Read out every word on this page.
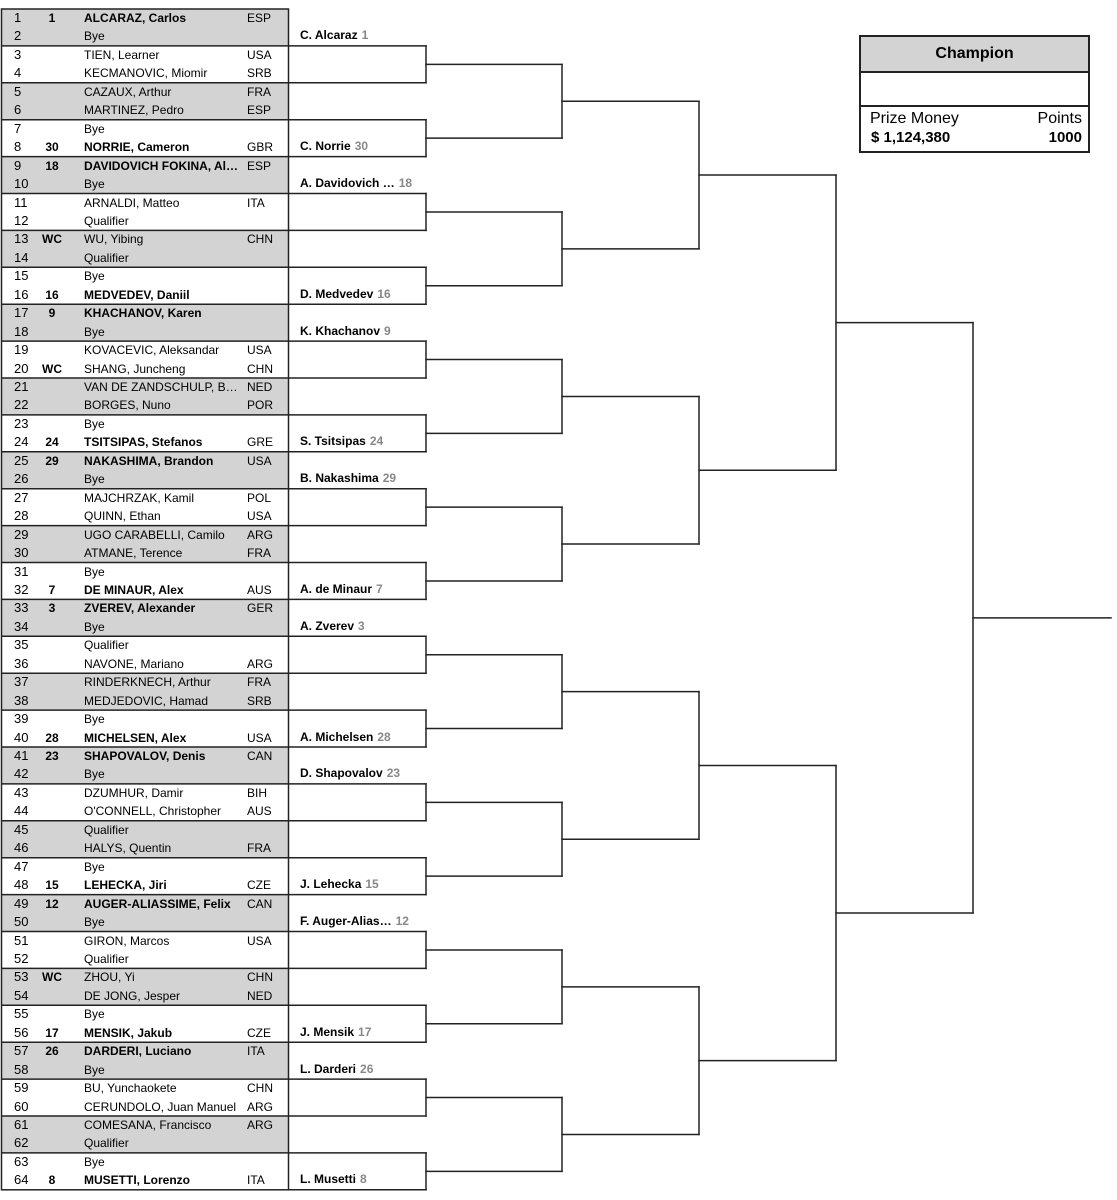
1	1	ALCARAZ, Carlos	ESP
2	Bye
3	TIEN, Learner	USA
4	KECMANOVIC, Miomir	SRB
5	CAZAUX, Arthur	FRA
6	MARTINEZ, Pedro	ESP
7	Bye
8	30	NORRIE, Cameron	GBR
9	18	DAVIDOVICH FOKINA, Al… ESP
10	Bye
11	ARNALDI, Matteo	ITA
12	Qualifier
13	WC	WU, Yibing	CHN
14	Qualifier
15	Bye
16	16	MEDVEDEV, Daniil
17	9	KHACHANOV, Karen
18	Bye
19	KOVACEVIC, Aleksandar	USA
20	WC	SHANG, Juncheng	CHN
21	VAN DE ZANDSCHULP, B… NED
22	BORGES, Nuno	POR
23	Bye
24	24	TSITSIPAS, Stefanos	GRE
25	29	NAKASHIMA, Brandon	USA
26	Bye
27	MAJCHRZAK, Kamil	POL
28	QUINN, Ethan	USA
29	UGO CARABELLI, Camilo	ARG
30	ATMANE, Terence	FRA
31	Bye
32	7	DE MINAUR, Alex	AUS
33	3	ZVEREV, Alexander	GER
34	Bye
35	Qualifier
36	NAVONE, Mariano	ARG
37	RINDERKNECH, Arthur	FRA
38	MEDJEDOVIC, Hamad	SRB
39	Bye
40	28	MICHELSEN, Alex	USA
41	23	SHAPOVALOV, Denis	CAN
42	Bye
43	DZUMHUR, Damir	BIH
44	O'CONNELL, Christopher	AUS
45	Qualifier
46	HALYS, Quentin	FRA
47	Bye
48	15	LEHECKA, Jiri	CZE
49	12	AUGER-ALIASSIME, Felix	CAN
50	Bye
51	GIRON, Marcos	USA
52	Qualifier
53	WC	ZHOU, Yi	CHN
54	DE JONG, Jesper	NED
55	Bye
56	17	MENSIK, Jakub	CZE
57	26	DARDERI, Luciano	ITA
58	Bye
59	BU, Yunchaokete	CHN
60	CERUNDOLO, Juan Manuel ARG
61	COMESANA, Francisco	ARG
62	Qualifier
63	Bye
64	8	MUSETTI, Lorenzo	ITA
C. Alcaraz 1
C. Norrie 30
A. Davidovich … 18
D. Medvedev 16
K. Khachanov 9
S. Tsitsipas 24
B. Nakashima 29
A. de Minaur 7
A. Zverev 3
A. Michelsen 28
D. Shapovalov 23
J. Lehecka 15
F. Auger-Alias… 12
J. Mensik 17
L. Darderi 26
L. Musetti 8
Champion
Prize Money
$ 1,124,380
Points
1000
